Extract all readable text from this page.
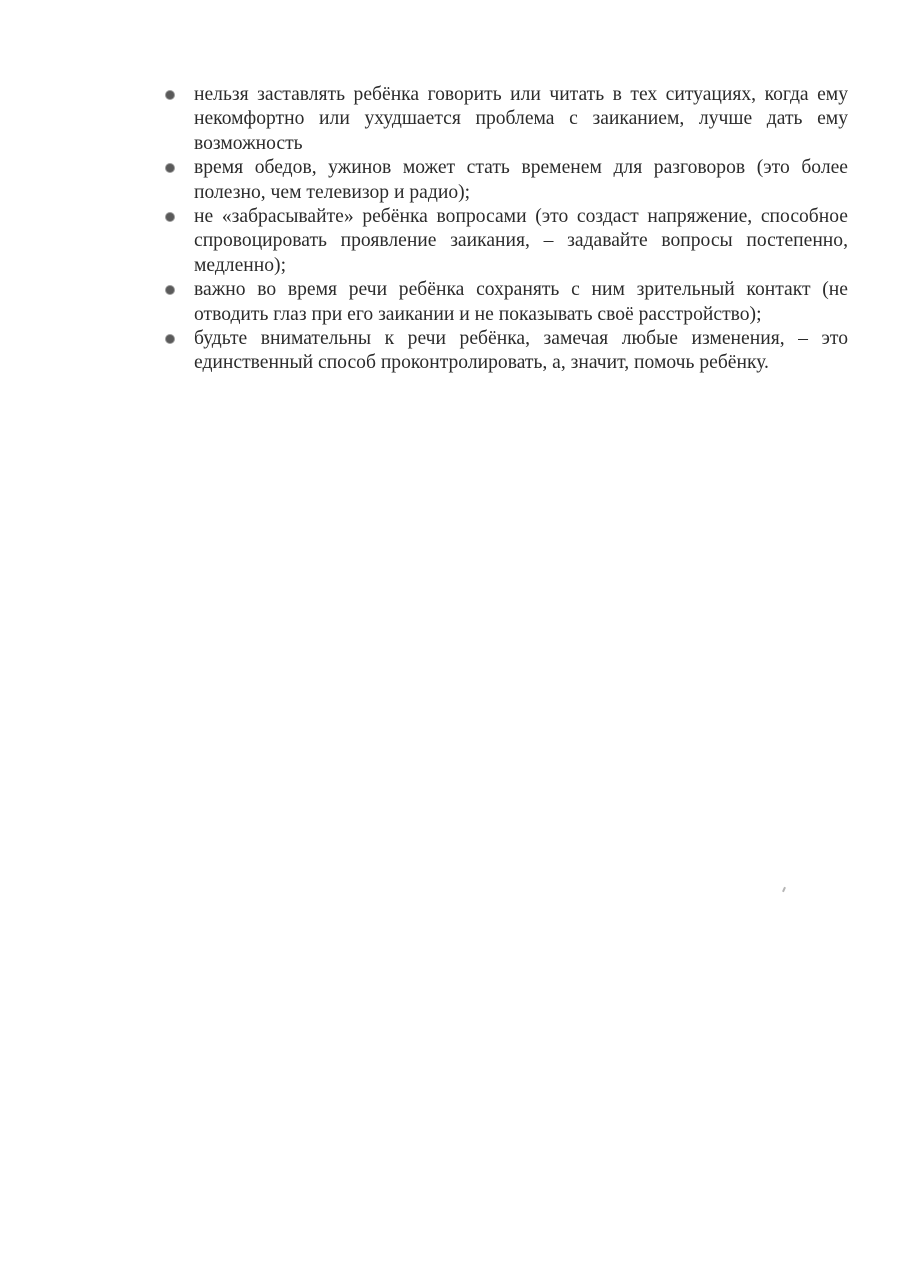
нельзя заставлять ребёнка говорить или читать в тех ситуациях, когда ему некомфортно или ухудшается проблема с заиканием, лучше дать ему возможность
время обедов, ужинов может стать временем для разговоров (это более полезно, чем телевизор и радио);
не «забрасывайте» ребёнка вопросами (это создаст напряжение, способное спровоцировать проявление заикания, – задавайте вопросы постепенно, медленно);
важно во время речи ребёнка сохранять с ним зрительный контакт (не отводить глаз при его заикании и не показывать своё расстройство);
будьте внимательны к речи ребёнка, замечая любые изменения, – это единственный способ проконтролировать, а, значит, помочь ребёнку.
